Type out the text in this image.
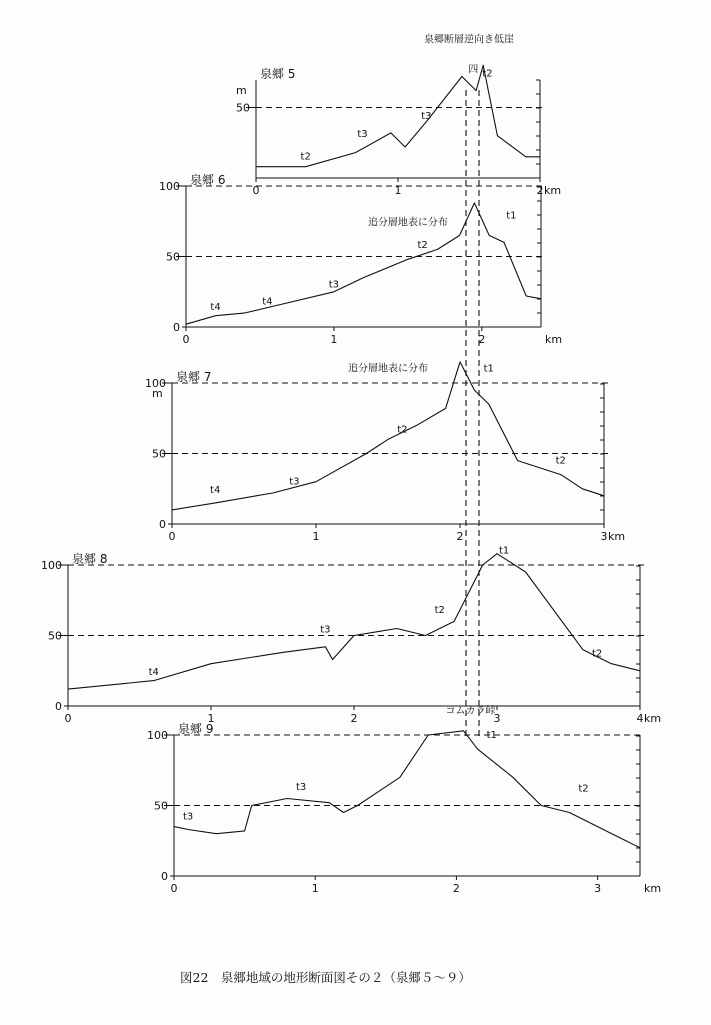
50
0	1	2 km
m
泉郷 5
t2
t3
t3
t2
泉郷断層逆向き低崖
四
0
50
100
0	1	2	km
泉郷 6
t4
t4
t3
t2
t1
追分層地表に分布
0
50
100
0	1	2	3 km
m
泉郷 7
t4
t3
t2
t1
t2
追分層地表に分布
0
50
100
0	1	2	3	4 km
泉郷 8
t4
t3
t2
t1
t2
0
50
100
0	1	2	3	km
泉郷 9
t3
t3
t1
t2
コムカラ峠
図22　泉郷地域の地形断面図その２（泉郷５～９）
